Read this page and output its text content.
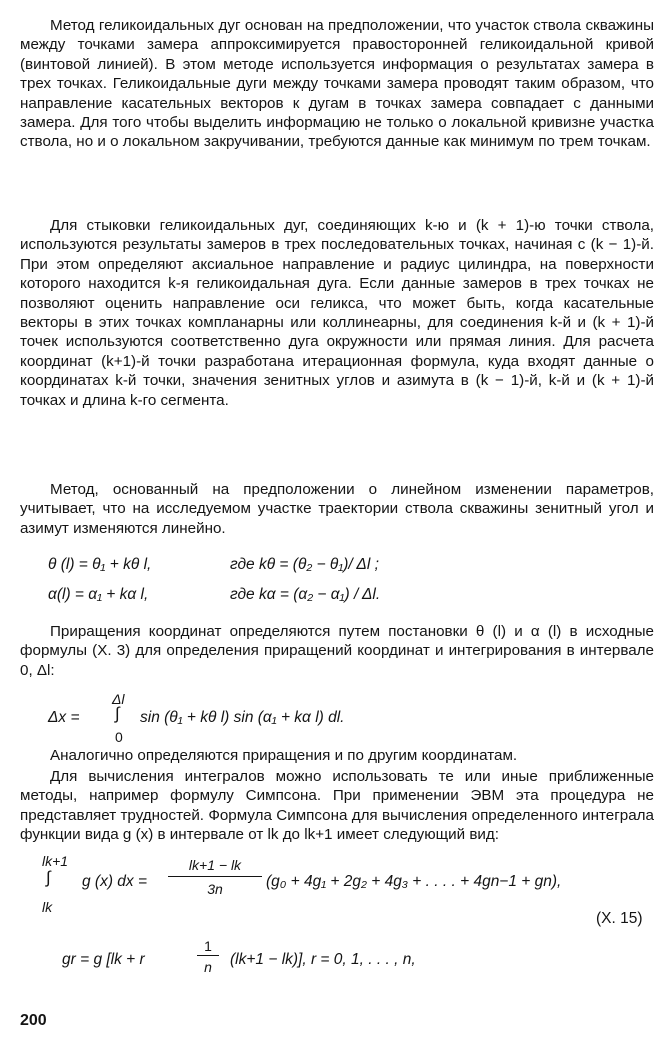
Метод геликоидальных дуг основан на предположении, что участок ствола скважины между точками замера аппроксимируется правосторонней геликоидальной кривой (винтовой линией). В этом методе используется информация о результатах замера в трех точках. Геликоидальные дуги между точками замера проводят таким образом, что направление касательных векторов к дугам в точках замера совпадает с данными замера. Для того чтобы выделить информацию не только о локальной кривизне участка ствола, но и о локальном закручивании, требуются данные как минимум по трем точкам.

Для стыковки геликоидальных дуг, соединяющих k-ю и (k + 1)-ю точки ствола, используются результаты замеров в трех последовательных точках, начиная с (k − 1)-й. При этом определяют аксиальное направление и радиус цилиндра, на поверхности которого находится k-я геликоидальная дуга. Если данные замеров в трех точках не позволяют оценить направление оси геликса, что может быть, когда касательные векторы в этих точках компланарны или коллинеарны, для соединения k-й и (k + 1)-й точек используются соответственно дуга окружности или прямая линия. Для расчета координат (k+1)-й точки разработана итерационная формула, куда входят данные о координатах k-й точки, значения зенитных углов и азимута в (k − 1)-й, k-й и (k + 1)-й точках и длина k-го сегмента.

Метод, основанный на предположении о линейном изменении параметров, учитывает, что на исследуемом участке траектории ствола скважины зенитный угол и азимут изменяются линейно.

θ (l) = θ₁ + kθ l,	где kθ = (θ₂ − θ₁)/ Δl ;
α(l) = α₁ + kα l,	где kα = (α₂ − α₁) / Δl.

Приращения координат определяются путем постановки θ (l) и α (l) в исходные формулы (X. 3) для определения приращений координат и интегрирования в интервале 0, Δl:

Δl
Δx = ∫
0
sin (θ₁ + kθ l) sin (α₁ + kα l) dl.

Аналогично определяются приращения и по другим координатам.

Для вычисления интегралов можно использовать те или иные приближенные методы, например формулу Симпсона. При применении ЭВМ эта процедура не представляет трудностей. Формула Симпсона для вычисления определенного интеграла функции вида g (x) в интервале от lk до lk+1 имеет следующий вид:

lk+1
∫
lk
g (x) dx =
lk+1 − lk
3n	(g₀ + 4g₁ + 2g₂ + 4g₃ + . . . . + 4gn−1 + gn),
(X. 15)
gr = g [lk + r
1
n	(lk+1 − lk)], r = 0, 1, . . . , n,
200
